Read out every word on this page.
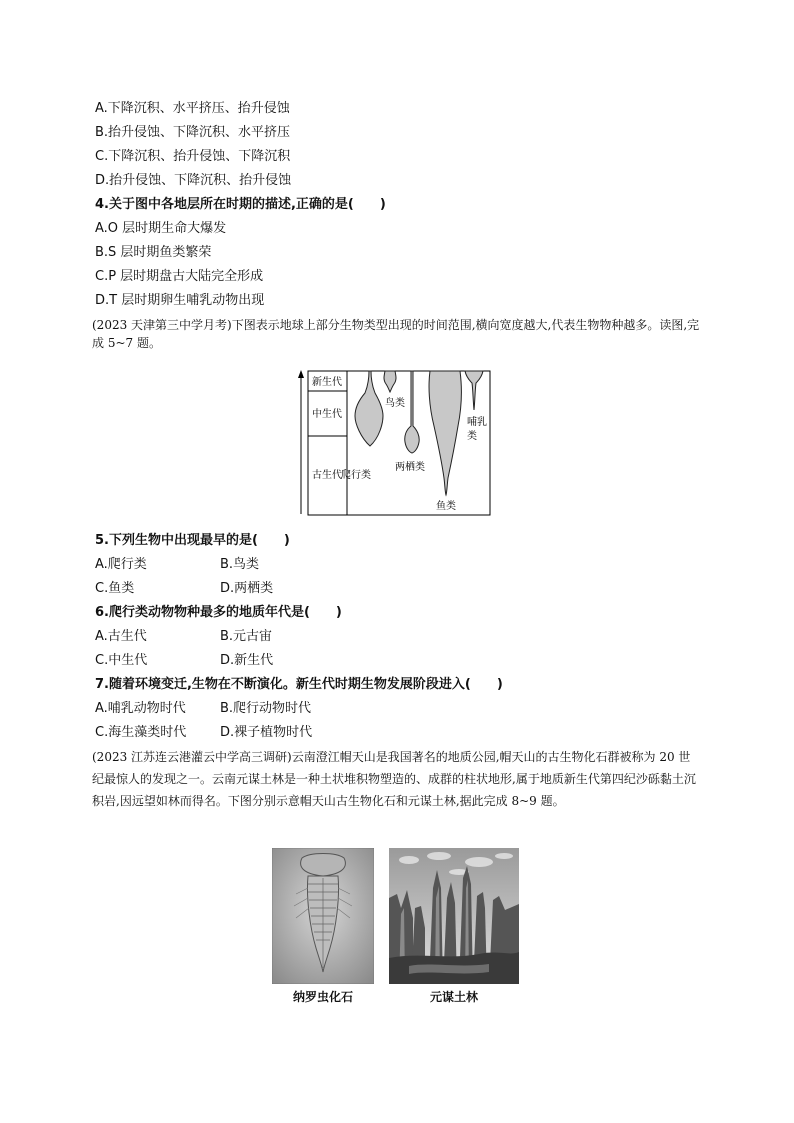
A.下降沉积、水平挤压、抬升侵蚀
B.抬升侵蚀、下降沉积、水平挤压
C.下降沉积、抬升侵蚀、下降沉积
D.抬升侵蚀、下降沉积、抬升侵蚀
4.关于图中各地层所在时期的描述,正确的是(　　)
A.O 层时期生命大爆发
B.S 层时期鱼类繁荣
C.P 层时期盘古大陆完全形成
D.T 层时期卵生哺乳动物出现
(2023 天津第三中学月考)下图表示地球上部分生物类型出现的时间范围,横向宽度越大,代表生物物种越多。读图,完成 5~7 题。
新生代
中生代
古生代
鸟类
哺乳
类
爬行类
两栖类
鱼类
5.下列生物中出现最早的是(　　)
A.爬行类	B.鸟类
C.鱼类	D.两栖类
6.爬行类动物物种最多的地质年代是(　　)
A.古生代	B.元古宙
C.中生代	D.新生代
7.随着环境变迁,生物在不断演化。新生代时期生物发展阶段进入(　　)
A.哺乳动物时代	B.爬行动物时代
C.海生藻类时代	D.裸子植物时代
(2023 江苏连云港灌云中学高三调研)云南澄江帽天山是我国著名的地质公园,帽天山的古生物化石群被称为 20 世纪最惊人的发现之一。云南元谋土林是一种土状堆积物塑造的、成群的柱状地形,属于地质新生代第四纪沙砾黏土沉积岩,因远望如林而得名。下图分别示意帽天山古生物化石和元谋土林,据此完成 8~9 题。
纳罗虫化石	元谋土林
